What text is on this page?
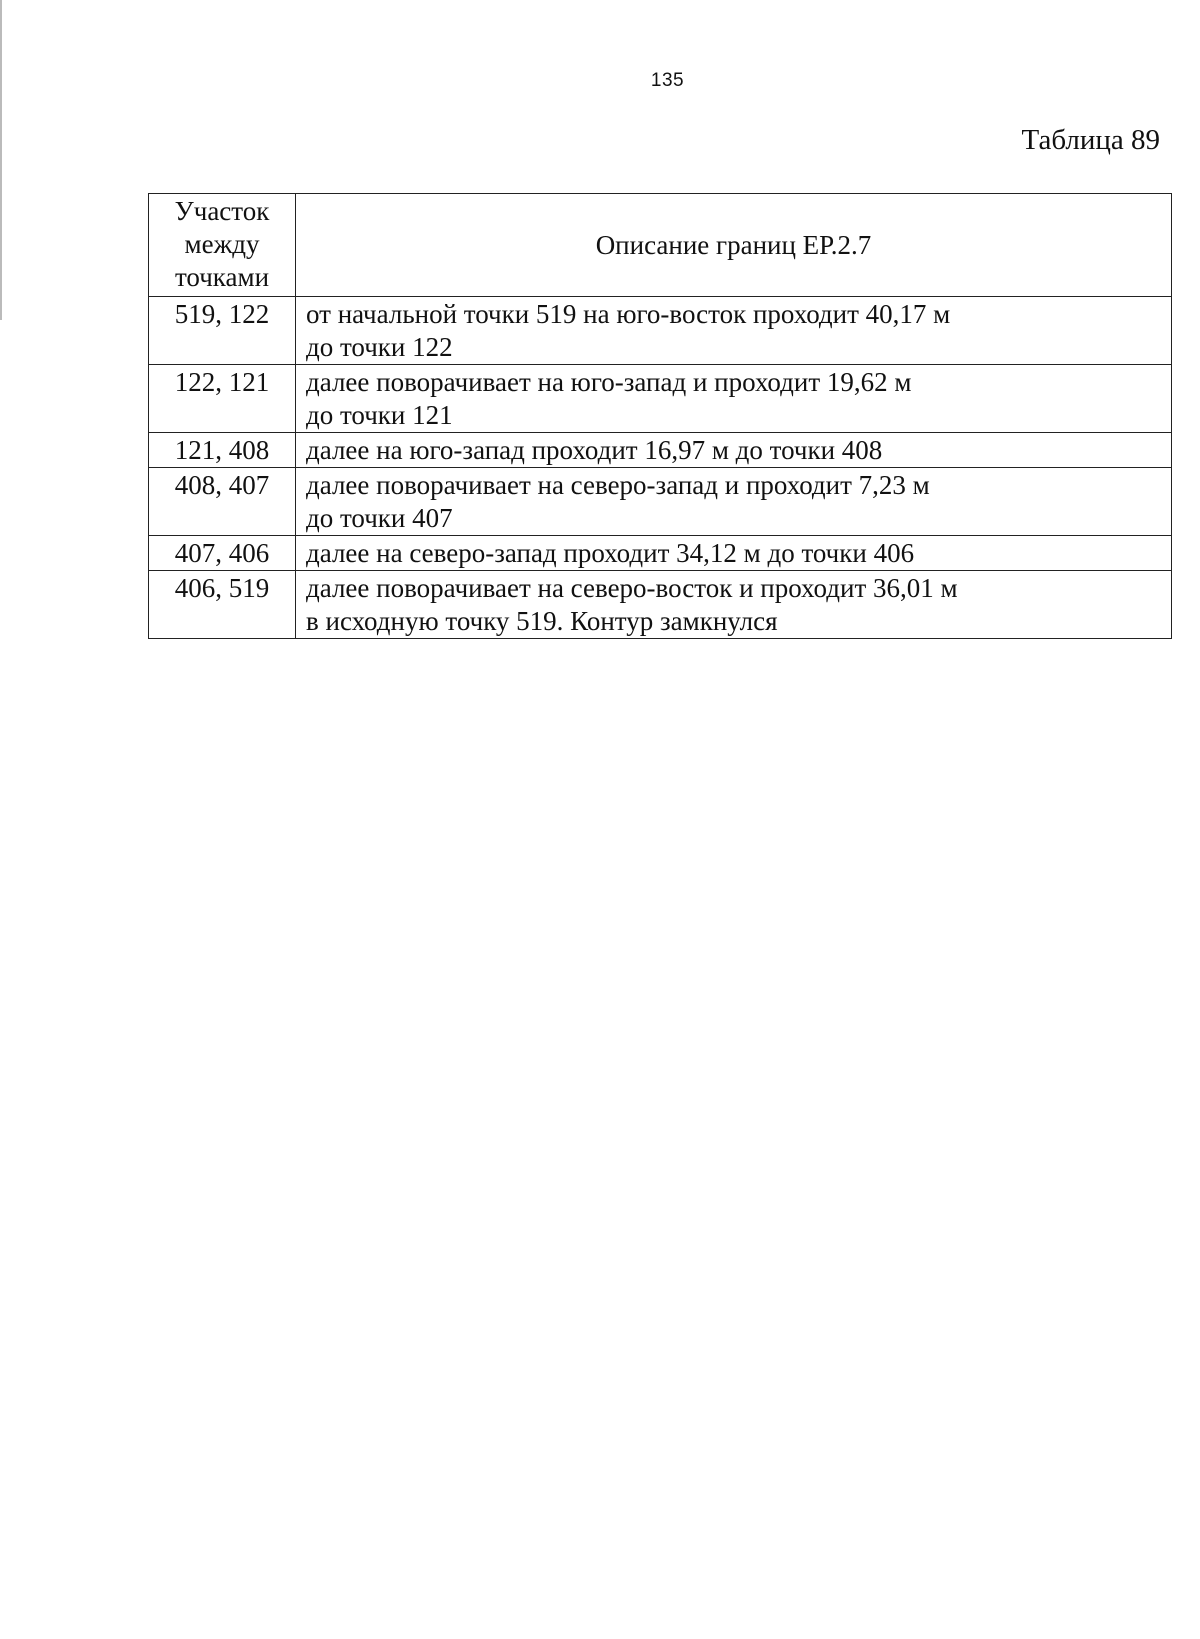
135
Таблица 89
Участок
между
точками	Описание границ ЕР.2.7
519, 122	от начальной точки 519 на юго-восток проходит 40,17 м
до точки 122

122, 121	далее поворачивает на юго-запад и проходит 19,62 м
до точки 121

121, 408	далее на юго-запад проходит 16,97 м до точки 408

408, 407	далее поворачивает на северо-запад и проходит 7,23 м
до точки 407

407, 406	далее на северо-запад проходит 34,12 м до точки 406

406, 519	далее поворачивает на северо-восток и проходит 36,01 м
в исходную точку 519. Контур замкнулся
